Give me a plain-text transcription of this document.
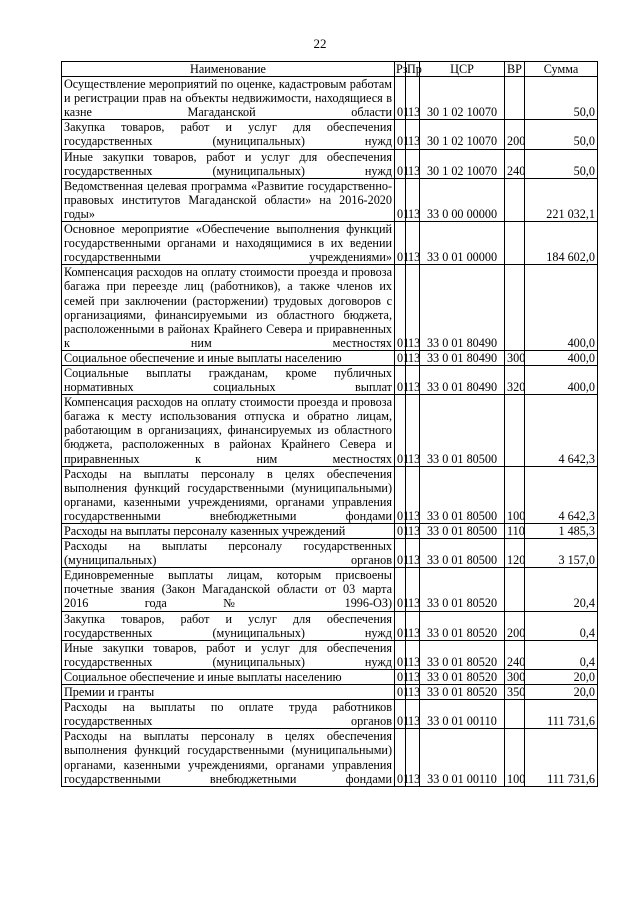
22
Наименование	Рз	Пр	ЦСР	ВР	Сумма
Осуществление мероприятий по оценке, кадастровым работам и регистрации прав на объекты недвижимости, находящиеся в казне Магаданской области	01	13	30 1 02 10070		50,0
Закупка товаров, работ и услуг для обеспечения государственных (муниципальных) нужд	01	13	30 1 02 10070	200	50,0
Иные закупки товаров, работ и услуг для обеспечения государственных (муниципальных) нужд	01	13	30 1 02 10070	240	50,0
Ведомственная целевая программа «Развитие государственно-правовых институтов Магаданской области» на 2016-2020 годы»	01	13	33 0 00 00000		221 032,1
Основное мероприятие «Обеспечение выполнения функций государственными органами и находящимися в их ведении государственными учреждениями»	01	13	33 0 01 00000		184 602,0
Компенсация расходов на оплату стоимости проезда и провоза багажа при переезде лиц (работников), а также членов их семей при заключении (расторжении) трудовых договоров с организациями, финансируемыми из областного бюджета, расположенными в районах Крайнего Севера и приравненных к ним местностях	01	13	33 0 01 80490		400,0
Социальное обеспечение и иные выплаты населению	01	13	33 0 01 80490	300	400,0
Социальные выплаты гражданам, кроме публичных нормативных социальных выплат	01	13	33 0 01 80490	320	400,0
Компенсация расходов на оплату стоимости проезда и провоза багажа к месту использования отпуска и обратно лицам, работающим в организациях, финансируемых из областного бюджета, расположенных в районах Крайнего Севера и приравненных к ним местностях	01	13	33 0 01 80500		4 642,3
Расходы на выплаты персоналу в целях обеспечения выполнения функций государственными (муниципальными) органами, казенными учреждениями, органами управления государственными внебюджетными фондами	01	13	33 0 01 80500	100	4 642,3
Расходы на выплаты персоналу казенных учреждений	01	13	33 0 01 80500	110	1 485,3
Расходы на выплаты персоналу государственных (муниципальных) органов	01	13	33 0 01 80500	120	3 157,0
Единовременные выплаты лицам, которым присвоены почетные звания (Закон Магаданской области от 03 марта 2016 года № 1996-ОЗ)	01	13	33 0 01 80520		20,4
Закупка товаров, работ и услуг для обеспечения государственных (муниципальных) нужд	01	13	33 0 01 80520	200	0,4
Иные закупки товаров, работ и услуг для обеспечения государственных (муниципальных) нужд	01	13	33 0 01 80520	240	0,4
Социальное обеспечение и иные выплаты населению	01	13	33 0 01 80520	300	20,0
Премии и гранты	01	13	33 0 01 80520	350	20,0
Расходы на выплаты по оплате труда работников государственных органов	01	13	33 0 01 00110		111 731,6
Расходы на выплаты персоналу в целях обеспечения выполнения функций государственными (муниципальными) органами, казенными учреждениями, органами управления государственными внебюджетными фондами	01	13	33 0 01 00110	100	111 731,6
